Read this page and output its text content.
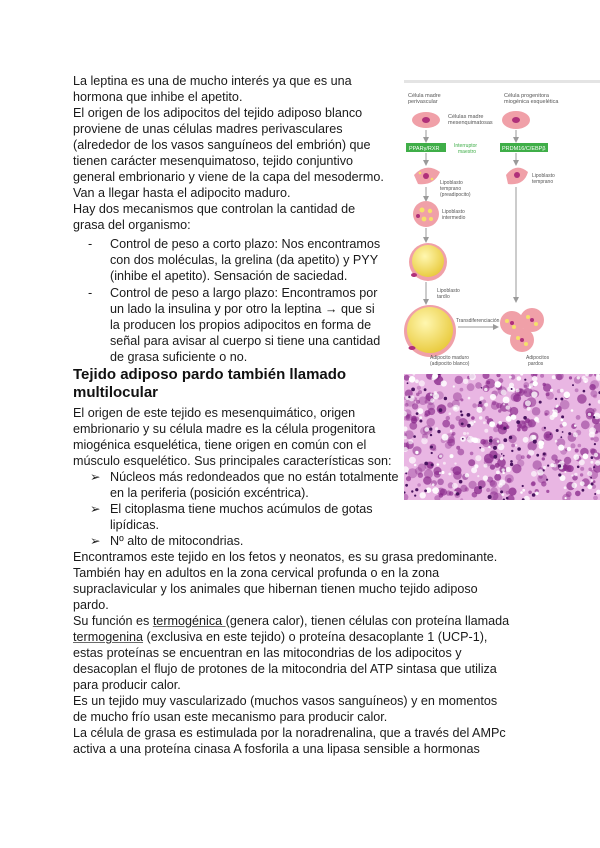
La leptina es una de mucho interés ya que es una
hormona que inhibe el apetito.
El origen de los adipocitos del tejido adiposo blanco
proviene de unas células madres perivasculares
(alrededor de los vasos sanguíneos del embrión) que
tienen carácter mesenquimatoso, tejido conjuntivo
general embrionario y viene de la capa del mesodermo.
Van a llegar hasta el adipocito maduro.
Hay dos mecanismos que controlan la cantidad de
grasa del organismo:
- Control de peso a corto plazo: Nos encontramos
con dos moléculas, la grelina (da apetito) y PYY
(inhibe el apetito). Sensación de saciedad.
- Control de peso a largo plazo: Encontramos por
un lado la insulina y por otro la leptina → que si
la producen los propios adipocitos en forma de
señal para avisar al cuerpo si tiene una cantidad
de grasa suficiente o no.
Tejido adiposo pardo también llamado
multilocular
El origen de este tejido es mesenquimático, origen
embrionario y su célula madre es la célula progenitora
miogénica esquelética, tiene origen en común con el
músculo esquelético. Sus principales características son:
➢ Núcleos más redondeados que no están totalmente
en la periferia (posición excéntrica).
➢ El citoplasma tiene muchos acúmulos de gotas
lipídicas.
➢ Nº alto de mitocondrias.
Encontramos este tejido en los fetos y neonatos, es su grasa predominante.
También hay en adultos en la zona cervical profunda o en la zona
supraclavicular y los animales que hibernan tienen mucho tejido adiposo
pardo.
Su función es termogénica (genera calor), tienen células con proteína llamada
termogenina (exclusiva en este tejido) o proteína desacoplante 1 (UCP-1),
estas proteínas se encuentran en las mitocondrias de los adipocitos y
desacoplan el flujo de protones de la mitocondria del ATP sintasa que utiliza
para producir calor.
Es un tejido muy vascularizado (muchos vasos sanguíneos) y en momentos
de mucho frío usan este mecanismo para producir calor.
La célula de grasa es estimulada por la noradrenalina, que a través del AMPc
activa a una proteína cinasa A fosforila a una lipasa sensible a hormonas
Célula madre
perivascular
Célula progenitora
miogénica esquelética
Células madre
mesenquimatosas
PPARγ/RXR	Interruptor
maestro	PRDM16/C/EBPβ
Lipoblasto
temprano
(preadipocito)
Lipoblasto
temprano
Lipoblasto
intermedio
Lipoblasto
tardío
Adipocito maduro
(adipocito blanco)
Transdiferenciación
Adipocitos
pardos
